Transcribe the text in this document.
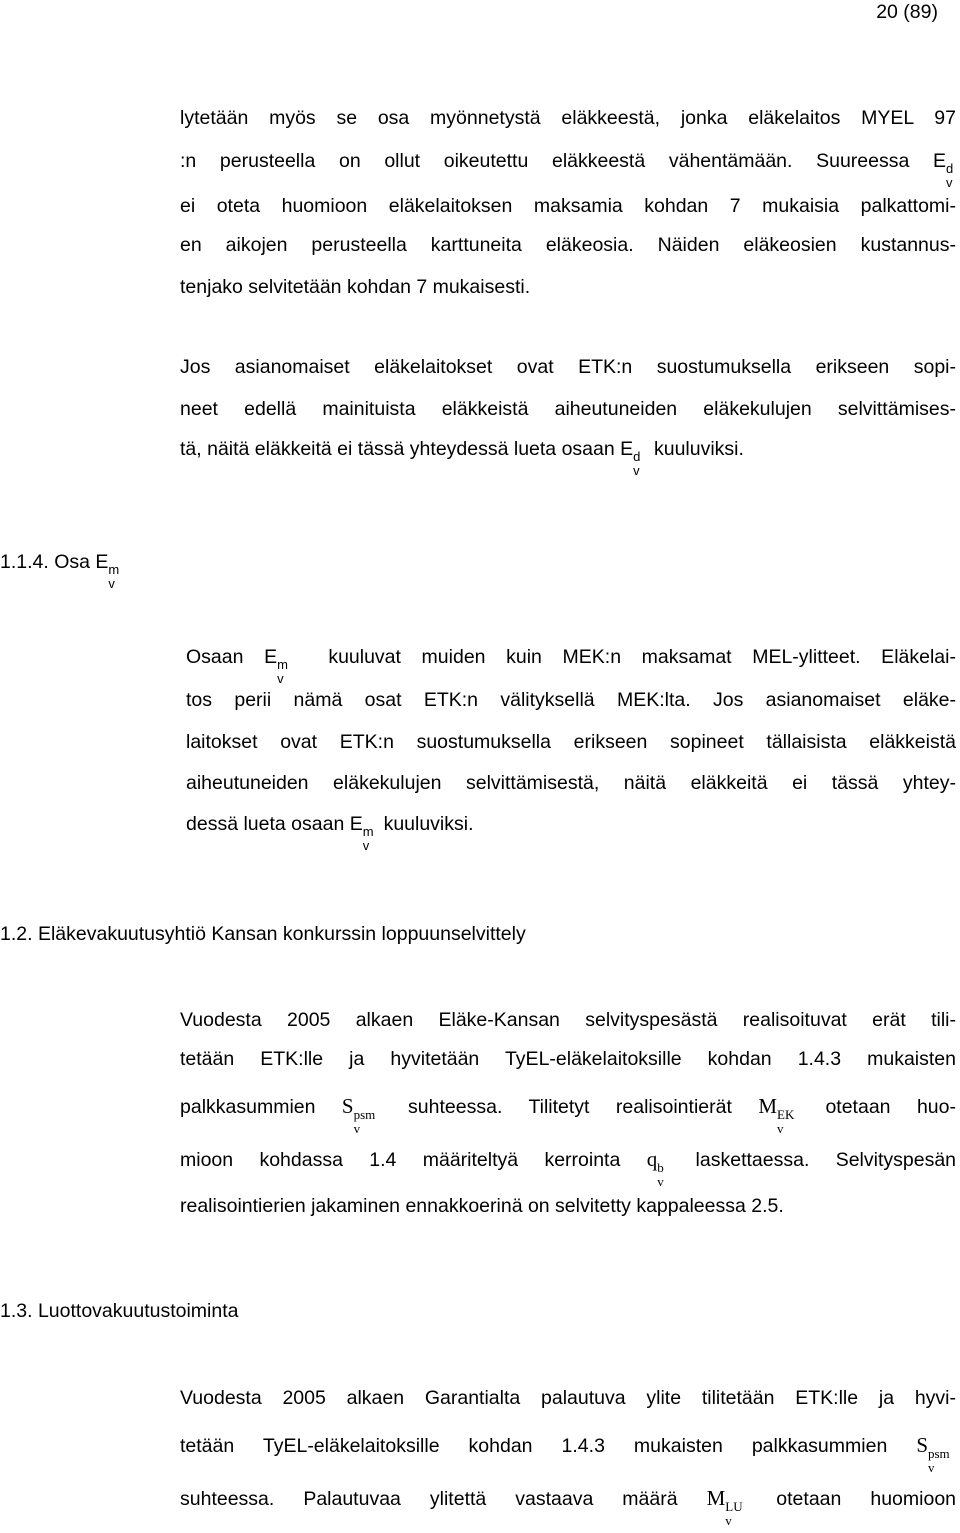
20 (89)
lytetään myös se osa myönnetystä eläkkeestä, jonka eläkelaitos MYEL 97
:n perusteella on ollut oikeutettu eläkkeestä vähentämään. Suureessa E d
v
ei oteta huomioon eläkelaitoksen maksamia kohdan 7 mukaisia palkattomi-
en aikojen perusteella karttuneita eläkeosia. Näiden eläkeosien kustannus-
tenjako selvitetään kohdan 7 mukaisesti.
Jos asianomaiset eläkelaitokset ovat ETK:n suostumuksella erikseen sopi-
neet edellä mainituista eläkkeistä aiheutuneiden eläkekulujen selvittämises-
tä, näitä eläkkeitä ei tässä yhteydessä lueta osaan E d
v
kuuluviksi.
1.1.4. Osa E m
v
Osaan E m
v
kuuluvat muiden kuin MEK:n maksamat MEL-ylitteet. Eläkelai-
tos perii nämä osat ETK:n välityksellä MEK:lta. Jos asianomaiset eläke-
laitokset ovat ETK:n suostumuksella erikseen sopineet tällaisista eläkkeistä
aiheutuneiden eläkekulujen selvittämisestä, näitä eläkkeitä ei tässä yhtey-
dessä lueta osaan E m
v
kuuluviksi.
1.2. Eläkevakuutusyhtiö Kansan konkurssin loppuunselvittely
Vuodesta 2005 alkaen Eläke-Kansan selvityspesästä realisoituvat erät tili-
tetään ETK:lle ja hyvitetään TyEL-eläkelaitoksille kohdan 1.4.3 mukaisten
palkkasummien S psm
v
suhteessa. Tilitetyt realisointierät M EK
v
otetaan huo-
mioon kohdassa 1.4 määriteltyä kerrointa q b
v
laskettaessa. Selvityspesän
realisointierien jakaminen ennakkoerinä on selvitetty kappaleessa 2.5.
1.3. Luottovakuutustoiminta
Vuodesta 2005 alkaen Garantialta palautuva ylite tilitetään ETK:lle ja hyvi-
tetään TyEL-eläkelaitoksille kohdan 1.4.3 mukaisten palkkasummien S psm
v
suhteessa. Palautuvaa ylitettä vastaava määrä M LU
v
otetaan huomioon
